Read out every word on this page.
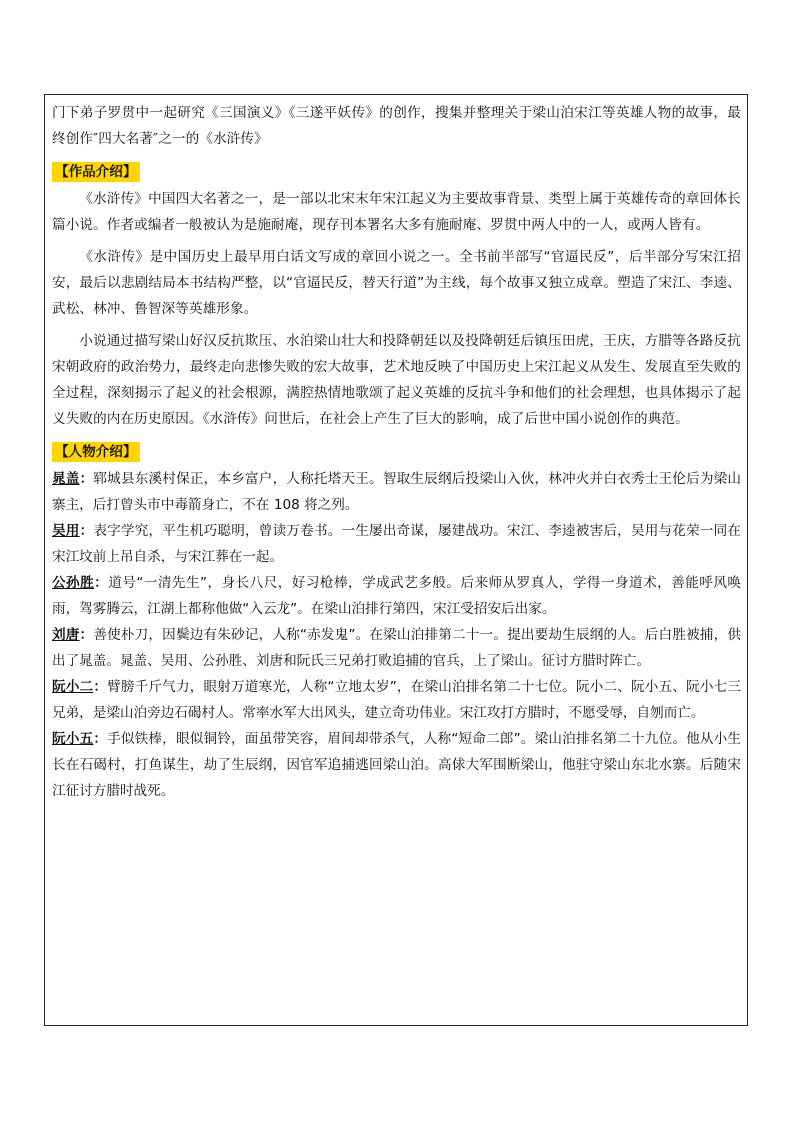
门下弟子罗贯中一起研究《三国演义》《三遂平妖传》的创作，搜集并整理关于梁山泊宋江等英雄人物的故事，最终创作″四大名著″之一的《水浒传》

【作品介绍】

《水浒传》中国四大名著之一，是一部以北宋末年宋江起义为主要故事背景、类型上属于英雄传奇的章回体长篇小说。作者或编者一般被认为是施耐庵，现存刊本署名大多有施耐庵、罗贯中两人中的一人，或两人皆有。

《水浒传》是中国历史上最早用白话文写成的章回小说之一。全书前半部写“官逼民反”，后半部分写宋江招安，最后以悲剧结局本书结构严整，以“官逼民反，替天行道”为主线，每个故事又独立成章。塑造了宋江、李逵、武松、林冲、鲁智深等英雄形象。

小说通过描写梁山好汉反抗欺压、水泊梁山壮大和投降朝廷以及投降朝廷后镇压田虎，王庆，方腊等各路反抗宋朝政府的政治势力，最终走向悲惨失败的宏大故事，艺术地反映了中国历史上宋江起义从发生、发展直至失败的全过程，深刻揭示了起义的社会根源，满腔热情地歌颂了起义英雄的反抗斗争和他们的社会理想，也具体揭示了起义失败的内在历史原因。《水浒传》问世后，在社会上产生了巨大的影响，成了后世中国小说创作的典范。

【人物介绍】

晁盖：郓城县东溪村保正，本乡富户，人称托塔天王。智取生辰纲后投梁山入伙，林冲火并白衣秀士王伦后为梁山寨主，后打曾头市中毒箭身亡，不在 108 将之列。

吴用：表字学究，平生机巧聪明，曾读万卷书。一生屡出奇谋，屡建战功。宋江、李逵被害后，吴用与花荣一同在宋江坟前上吊自杀，与宋江葬在一起。

公孙胜：道号“一清先生”，身长八尺，好习枪棒，学成武艺多般。后来师从罗真人，学得一身道术，善能呼风唤雨，驾雾腾云，江湖上都称他做“入云龙”。在梁山泊排行第四，宋江受招安后出家。

刘唐：善使朴刀，因鬓边有朱砂记，人称“赤发鬼”。在梁山泊排第二十一。提出要劫生辰纲的人。后白胜被捕，供出了晁盖。晁盖、吴用、公孙胜、刘唐和阮氏三兄弟打败追捕的官兵，上了梁山。征讨方腊时阵亡。

阮小二：臂膀千斤气力，眼射万道寒光，人称“立地太岁”，在梁山泊排名第二十七位。阮小二、阮小五、阮小七三兄弟，是梁山泊旁边石碣村人。常率水军大出风头，建立奇功伟业。宋江攻打方腊时，不愿受辱，自刎而亡。

阮小五：手似铁棒，眼似铜铃，面虽带笑容，眉间却带杀气，人称“短命二郎”。梁山泊排名第二十九位。他从小生长在石碣村，打鱼谋生，劫了生辰纲，因官军追捕逃回梁山泊。高俅大军围断梁山，他驻守梁山东北水寨。后随宋江征讨方腊时战死。
